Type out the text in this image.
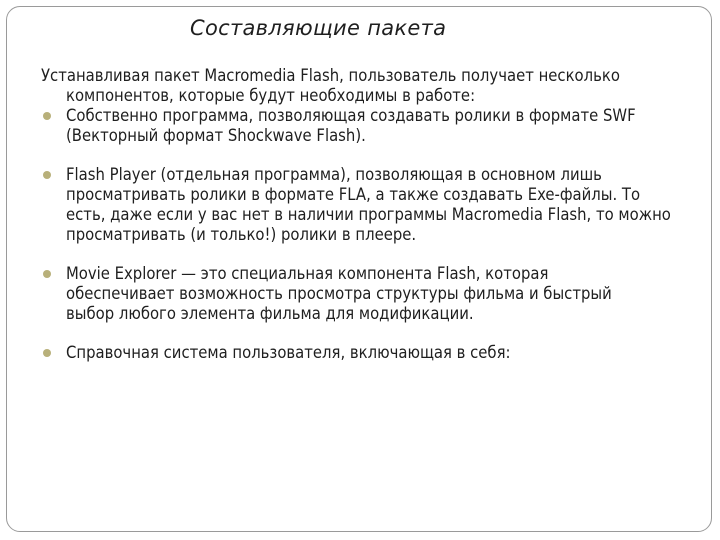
Составляющие пакета

Устанавливая пакет Macromedia Flash, пользователь получает несколько

компонентов, которые будут необходимы в работе:

Собственно программа, позволяющая создавать ролики в формате SWF
(Векторный формат Shockwave Flash).
Flash Player (отдельная программа), позволяющая в основном лишь
просматривать ролики в формате FLA, а также создавать Exe-файлы. То
есть, даже если у вас нет в наличии программы Macromedia Flash, то можно
просматривать (и только!) ролики в плеере.
Movie Explorer — это специальная компонента Flash, которая
обеспечивает возможность просмотра структуры фильма и быстрый
выбор любого элемента фильма для модификации.
Справочная система пользователя, включающая в себя:
